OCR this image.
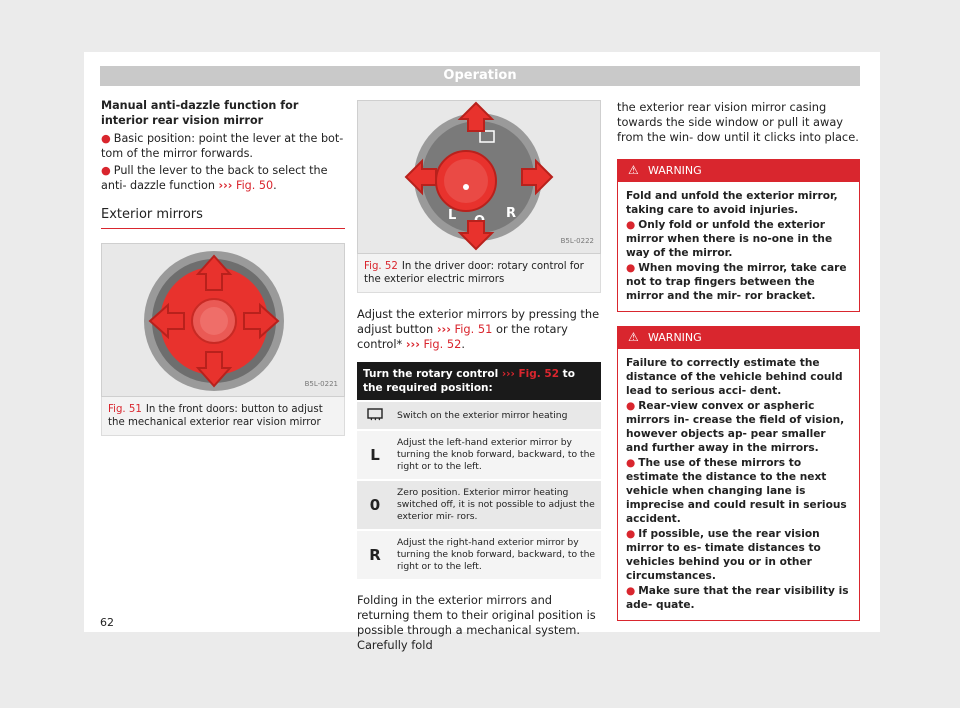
Operation

Manual anti-dazzle function for interior rear vision mirror

● Basic position: point the lever at the bot- tom of the mirror forwards.

● Pull the lever to the back to select the anti- dazzle function ››› Fig. 50.

Exterior mirrors
B5L-0221
Fig. 51 In the front doors: button to adjust the mechanical exterior rear vision mirror
L	R
B5L-0222
Fig. 52 In the driver door: rotary control for the exterior electric mirrors

Adjust the exterior mirrors by pressing the adjust button ››› Fig. 51 or the rotary control* ››› Fig. 52.

Turn the rotary control ››› Fig. 52 to the required position:	
	Switch on the exterior mirror heating
L	Adjust the left-hand exterior mirror by turning the knob forward, backward, to the right or to the left.
0	Zero position. Exterior mirror heating switched off, it is not possible to adjust the exterior mir- rors.
R	Adjust the right-hand exterior mirror by turning the knob forward, backward, to the right or to the left.

Folding in the exterior mirrors and returning them to their original position is possible through a mechanical system. Carefully fold

the exterior rear vision mirror casing towards the side window or pull it away from the win- dow until it clicks into place.

⚠ WARNING

Fold and unfold the exterior mirror, taking care to avoid injuries.

● Only fold or unfold the exterior mirror when there is no-one in the way of the mirror.

● When moving the mirror, take care not to trap fingers between the mirror and the mir- ror bracket.

⚠ WARNING

Failure to correctly estimate the distance of the vehicle behind could lead to serious acci- dent.

● Rear-view convex or aspheric mirrors in- crease the field of vision, however objects ap- pear smaller and further away in the mirrors.

● The use of these mirrors to estimate the distance to the next vehicle when changing lane is imprecise and could result in serious accident.

● If possible, use the rear vision mirror to es- timate distances to vehicles behind you or in other circumstances.

● Make sure that the rear visibility is ade- quate.

62
